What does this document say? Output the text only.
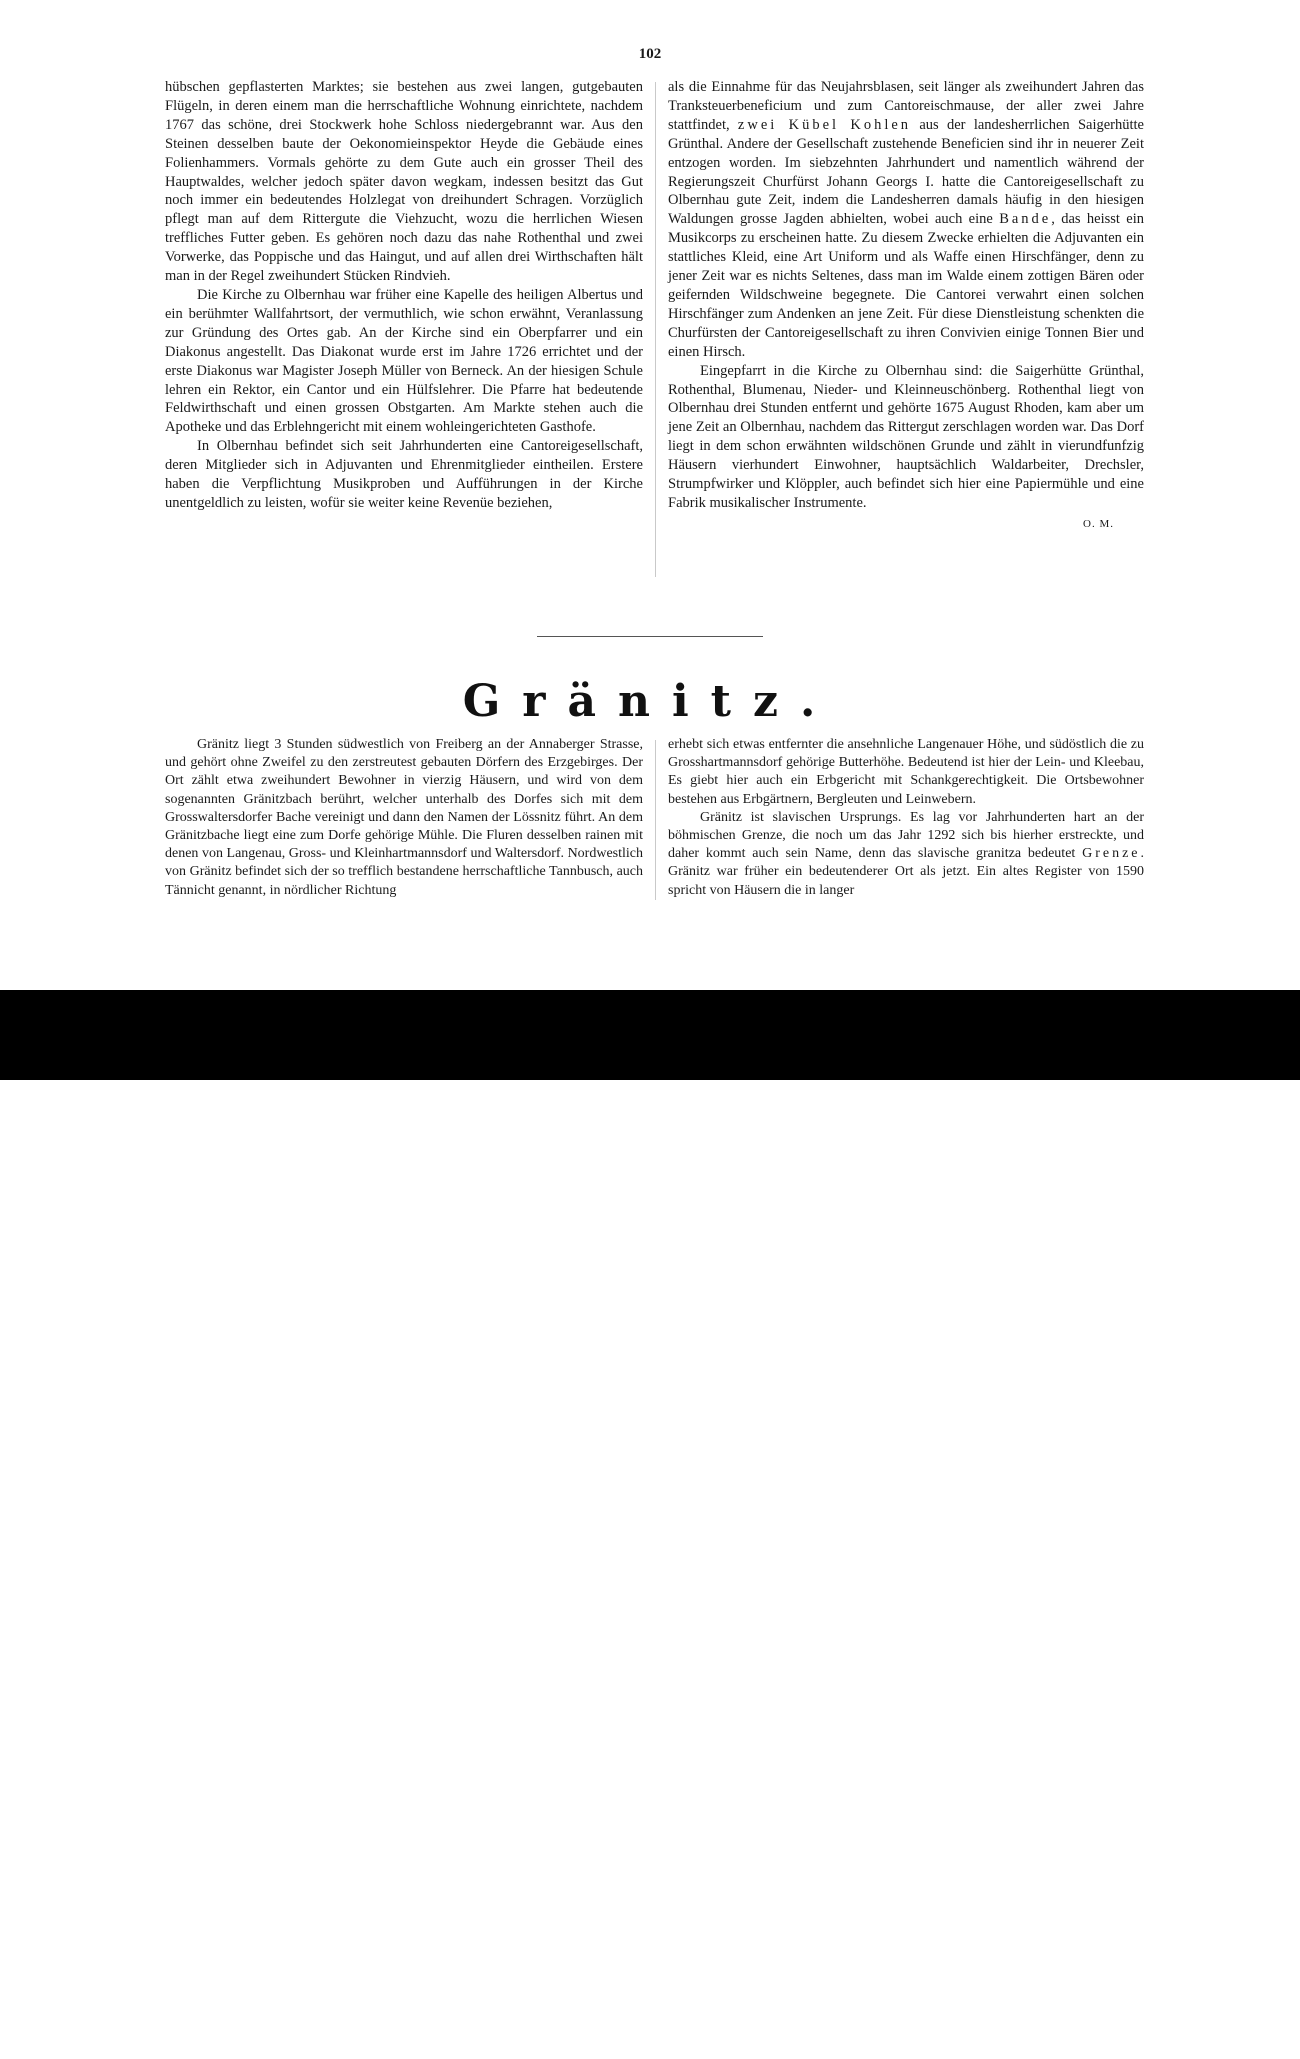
102

hübschen gepflasterten Marktes; sie bestehen aus zwei langen, gutgebauten Flügeln, in deren einem man die herrschaftliche Wohnung einrichtete, nachdem 1767 das schöne, drei Stockwerk hohe Schloss niedergebrannt war. Aus den Steinen desselben baute der Oekonomieinspektor Heyde die Gebäude eines Folienhammers. Vormals gehörte zu dem Gute auch ein grosser Theil des Hauptwaldes, welcher jedoch später davon wegkam, indessen besitzt das Gut noch immer ein bedeutendes Holzlegat von dreihundert Schragen. Vorzüglich pflegt man auf dem Rittergute die Viehzucht, wozu die herrlichen Wiesen treffliches Futter geben. Es gehören noch dazu das nahe Rothenthal und zwei Vorwerke, das Poppische und das Haingut, und auf allen drei Wirthschaften hält man in der Regel zweihundert Stücken Rindvieh.

Die Kirche zu Olbernhau war früher eine Kapelle des heiligen Albertus und ein berühmter Wallfahrtsort, der vermuthlich, wie schon erwähnt, Veranlassung zur Gründung des Ortes gab. An der Kirche sind ein Oberpfarrer und ein Diakonus angestellt. Das Diakonat wurde erst im Jahre 1726 errichtet und der erste Diakonus war Magister Joseph Müller von Berneck. An der hiesigen Schule lehren ein Rektor, ein Cantor und ein Hülfslehrer. Die Pfarre hat bedeutende Feldwirthschaft und einen grossen Obstgarten. Am Markte stehen auch die Apotheke und das Erblehngericht mit einem wohleingerichteten Gasthofe.

In Olbernhau befindet sich seit Jahrhunderten eine Cantoreigesellschaft, deren Mitglieder sich in Adjuvanten und Ehrenmitglieder eintheilen. Erstere haben die Verpflichtung Musikproben und Aufführungen in der Kirche unentgeldlich zu leisten, wofür sie weiter keine Revenüe beziehen,

als die Einnahme für das Neujahrsblasen, seit länger als zweihundert Jahren das Tranksteuerbeneficium und zum Cantoreischmause, der aller zwei Jahre stattfindet, zwei Kübel Kohlen aus der landesherrlichen Saigerhütte Grünthal. Andere der Gesellschaft zustehende Beneficien sind ihr in neuerer Zeit entzogen worden. Im siebzehnten Jahrhundert und namentlich während der Regierungszeit Churfürst Johann Georgs I. hatte die Cantoreigesellschaft zu Olbernhau gute Zeit, indem die Landesherren damals häufig in den hiesigen Waldungen grosse Jagden abhielten, wobei auch eine Bande, das heisst ein Musikcorps zu erscheinen hatte. Zu diesem Zwecke erhielten die Adjuvanten ein stattliches Kleid, eine Art Uniform und als Waffe einen Hirschfänger, denn zu jener Zeit war es nichts Seltenes, dass man im Walde einem zottigen Bären oder geifernden Wildschweine begegnete. Die Cantorei verwahrt einen solchen Hirschfänger zum Andenken an jene Zeit. Für diese Dienstleistung schenkten die Churfürsten der Cantoreigesellschaft zu ihren Convivien einige Tonnen Bier und einen Hirsch.

Eingepfarrt in die Kirche zu Olbernhau sind: die Saigerhütte Grünthal, Rothenthal, Blumenau, Nieder- und Kleinneuschönberg. Rothenthal liegt von Olbernhau drei Stunden entfernt und gehörte 1675 August Rhoden, kam aber um jene Zeit an Olbernhau, nachdem das Rittergut zerschlagen worden war. Das Dorf liegt in dem schon erwähnten wildschönen Grunde und zählt in vierundfunfzig Häusern vierhundert Einwohner, hauptsächlich Waldarbeiter, Drechsler, Strumpfwirker und Klöppler, auch befindet sich hier eine Papiermühle und eine Fabrik musikalischer Instrumente.

O. M.
Gränitz.

Gränitz liegt 3 Stunden südwestlich von Freiberg an der Annaberger Strasse, und gehört ohne Zweifel zu den zerstreutest gebauten Dörfern des Erzgebirges. Der Ort zählt etwa zweihundert Bewohner in vierzig Häusern, und wird von dem sogenannten Gränitzbach berührt, welcher unterhalb des Dorfes sich mit dem Grosswaltersdorfer Bache vereinigt und dann den Namen der Lössnitz führt. An dem Gränitzbache liegt eine zum Dorfe gehörige Mühle. Die Fluren desselben rainen mit denen von Langenau, Gross- und Kleinhartmannsdorf und Waltersdorf. Nordwestlich von Gränitz befindet sich der so trefflich bestandene herrschaftliche Tannbusch, auch Tännicht genannt, in nördlicher Richtung

erhebt sich etwas entfernter die ansehnliche Langenauer Höhe, und südöstlich die zu Grosshartmannsdorf gehörige Butterhöhe. Bedeutend ist hier der Lein- und Kleebau, Es giebt hier auch ein Erbgericht mit Schankgerechtigkeit. Die Ortsbewohner bestehen aus Erbgärtnern, Bergleuten und Leinwebern.

Gränitz ist slavischen Ursprungs. Es lag vor Jahrhunderten hart an der böhmischen Grenze, die noch um das Jahr 1292 sich bis hierher erstreckte, und daher kommt auch sein Name, denn das slavische granitza bedeutet Grenze. Gränitz war früher ein bedeutenderer Ort als jetzt. Ein altes Register von 1590 spricht von Häusern die in langer

alamy	Image ID: 2F4XHYX
www.alamy.com
